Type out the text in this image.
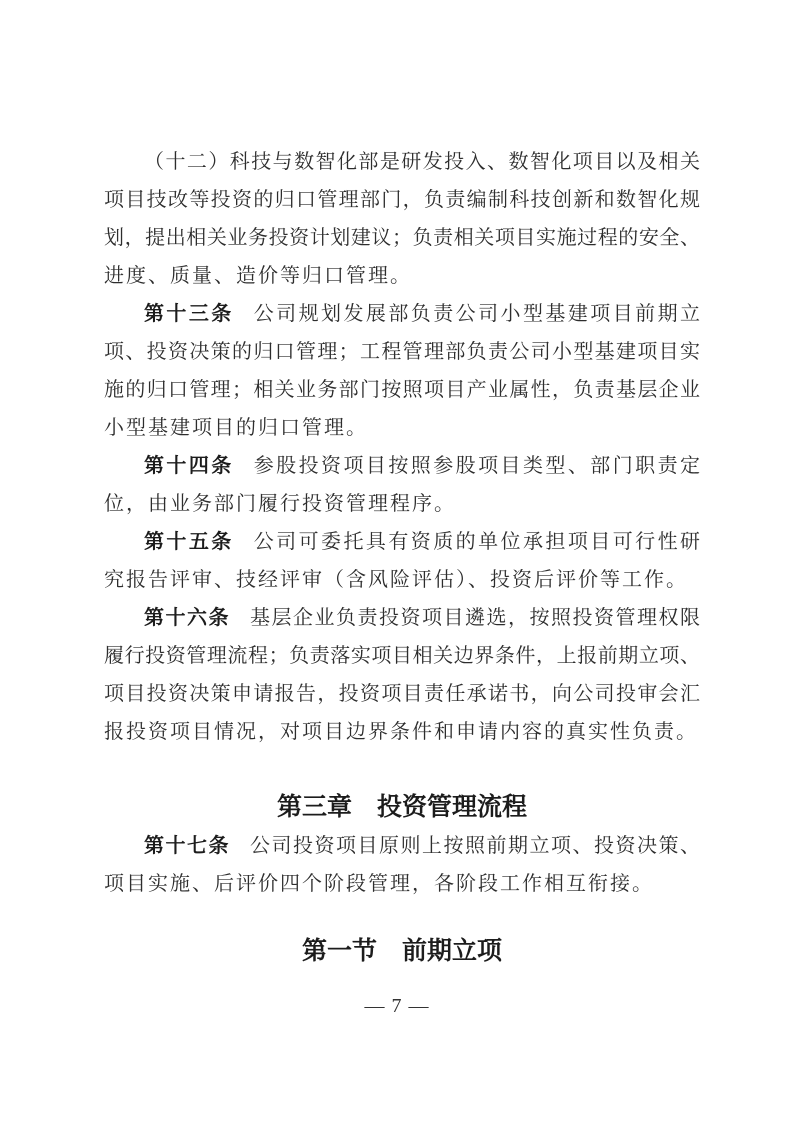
（十二）科技与数智化部是研发投入、数智化项目以及相关
项目技改等投资的归口管理部门，负责编制科技创新和数智化规
划，提出相关业务投资计划建议；负责相关项目实施过程的安全、
进度、质量、造价等归口管理。
第十三条 公司规划发展部负责公司小型基建项目前期立
项、投资决策的归口管理；工程管理部负责公司小型基建项目实
施的归口管理；相关业务部门按照项目产业属性，负责基层企业
小型基建项目的归口管理。
第十四条 参股投资项目按照参股项目类型、部门职责定
位，由业务部门履行投资管理程序。
第十五条 公司可委托具有资质的单位承担项目可行性研
究报告评审、技经评审（含风险评估）、投资后评价等工作。
第十六条 基层企业负责投资项目遴选，按照投资管理权限
履行投资管理流程；负责落实项目相关边界条件，上报前期立项、
项目投资决策申请报告，投资项目责任承诺书，向公司投审会汇
报投资项目情况，对项目边界条件和申请内容的真实性负责。
第三章　投资管理流程
第十七条 公司投资项目原则上按照前期立项、投资决策、
项目实施、后评价四个阶段管理，各阶段工作相互衔接。
第一节　前期立项
— 7 —
